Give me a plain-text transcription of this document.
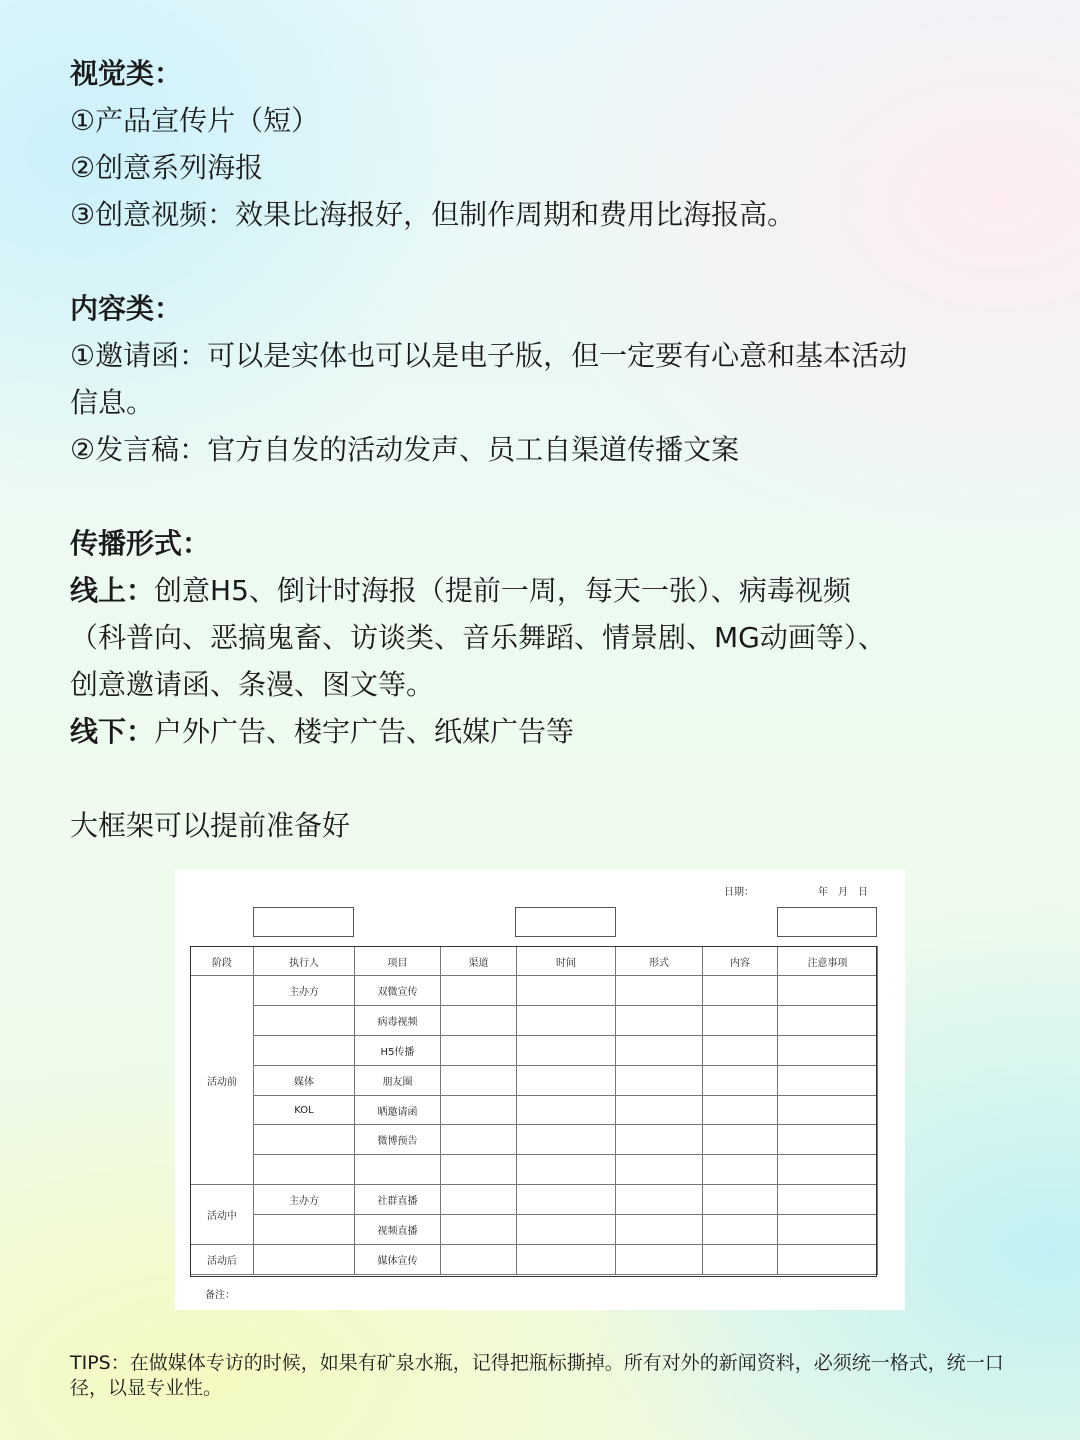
视觉类：
①产品宣传片（短）
②创意系列海报
③创意视频：效果比海报好，但制作周期和费用比海报高。
内容类：
①邀请函：可以是实体也可以是电子版，但一定要有心意和基本活动
信息。
②发言稿：官方自发的活动发声、员工自渠道传播文案
传播形式：
线上：创意H5、倒计时海报（提前一周，每天一张）、病毒视频
（科普向、恶搞鬼畜、访谈类、音乐舞蹈、情景剧、MG动画等）、
创意邀请函、条漫、图文等。
线下：户外广告、楼宇广告、纸媒广告等
大框架可以提前准备好
日期：	年　月　日
阶段	执行人	项目	渠道	时间	形式	内容	注意事项
活动前	主办方	双微宣传					
		病毒视频					
		H5传播					
	媒体	朋友圈					
	KOL	晒邀请函					
		微博预告					

活动中	主办方	社群直播					
		视频直播					
活动后		媒体宣传					
备注：
TIPS：在做媒体专访的时候，如果有矿泉水瓶，记得把瓶标撕掉。所有对外的新闻资料，必须统一格式，统一口径，以显专业性。
